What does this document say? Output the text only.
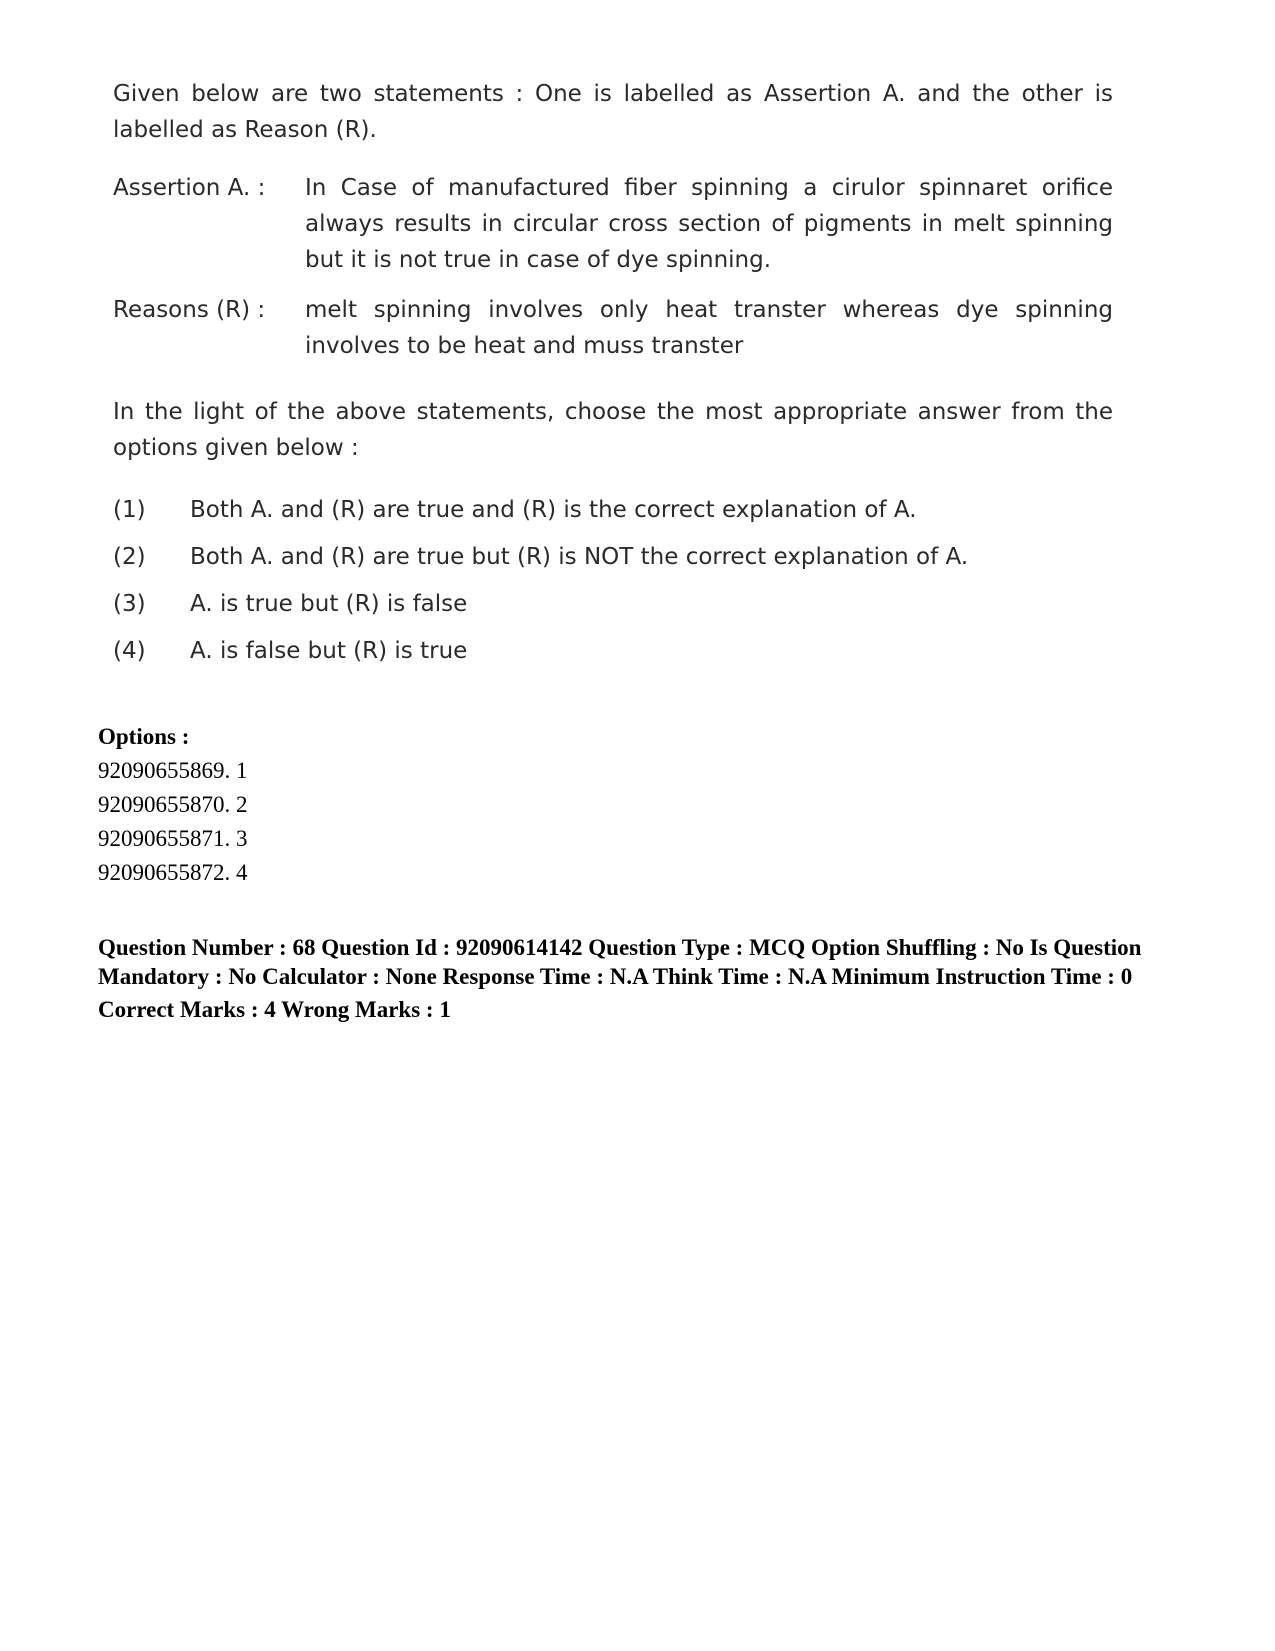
Given below are two statements : One is labelled as Assertion A. and the other is labelled as Reason (R).
Assertion A. :	In Case of manufactured fiber spinning a cirulor spinnaret orifice always results in circular cross section of pigments in melt spinning but it is not true in case of dye spinning.
Reasons (R) :	melt spinning involves only heat transter whereas dye spinning involves to be heat and muss transter
In the light of the above statements, choose the most appropriate answer from the options given below :
(1)	Both A. and (R) are true and (R) is the correct explanation of A.
(2)	Both A. and (R) are true but (R) is NOT the correct explanation of A.
(3)	A. is true but (R) is false
(4)	A. is false but (R) is true
Options :
92090655869. 1
92090655870. 2
92090655871. 3
92090655872. 4
Question Number : 68 Question Id : 92090614142 Question Type : MCQ Option Shuffling : No Is Question Mandatory : No Calculator : None Response Time : N.A Think Time : N.A Minimum Instruction Time : 0
Correct Marks : 4 Wrong Marks : 1
